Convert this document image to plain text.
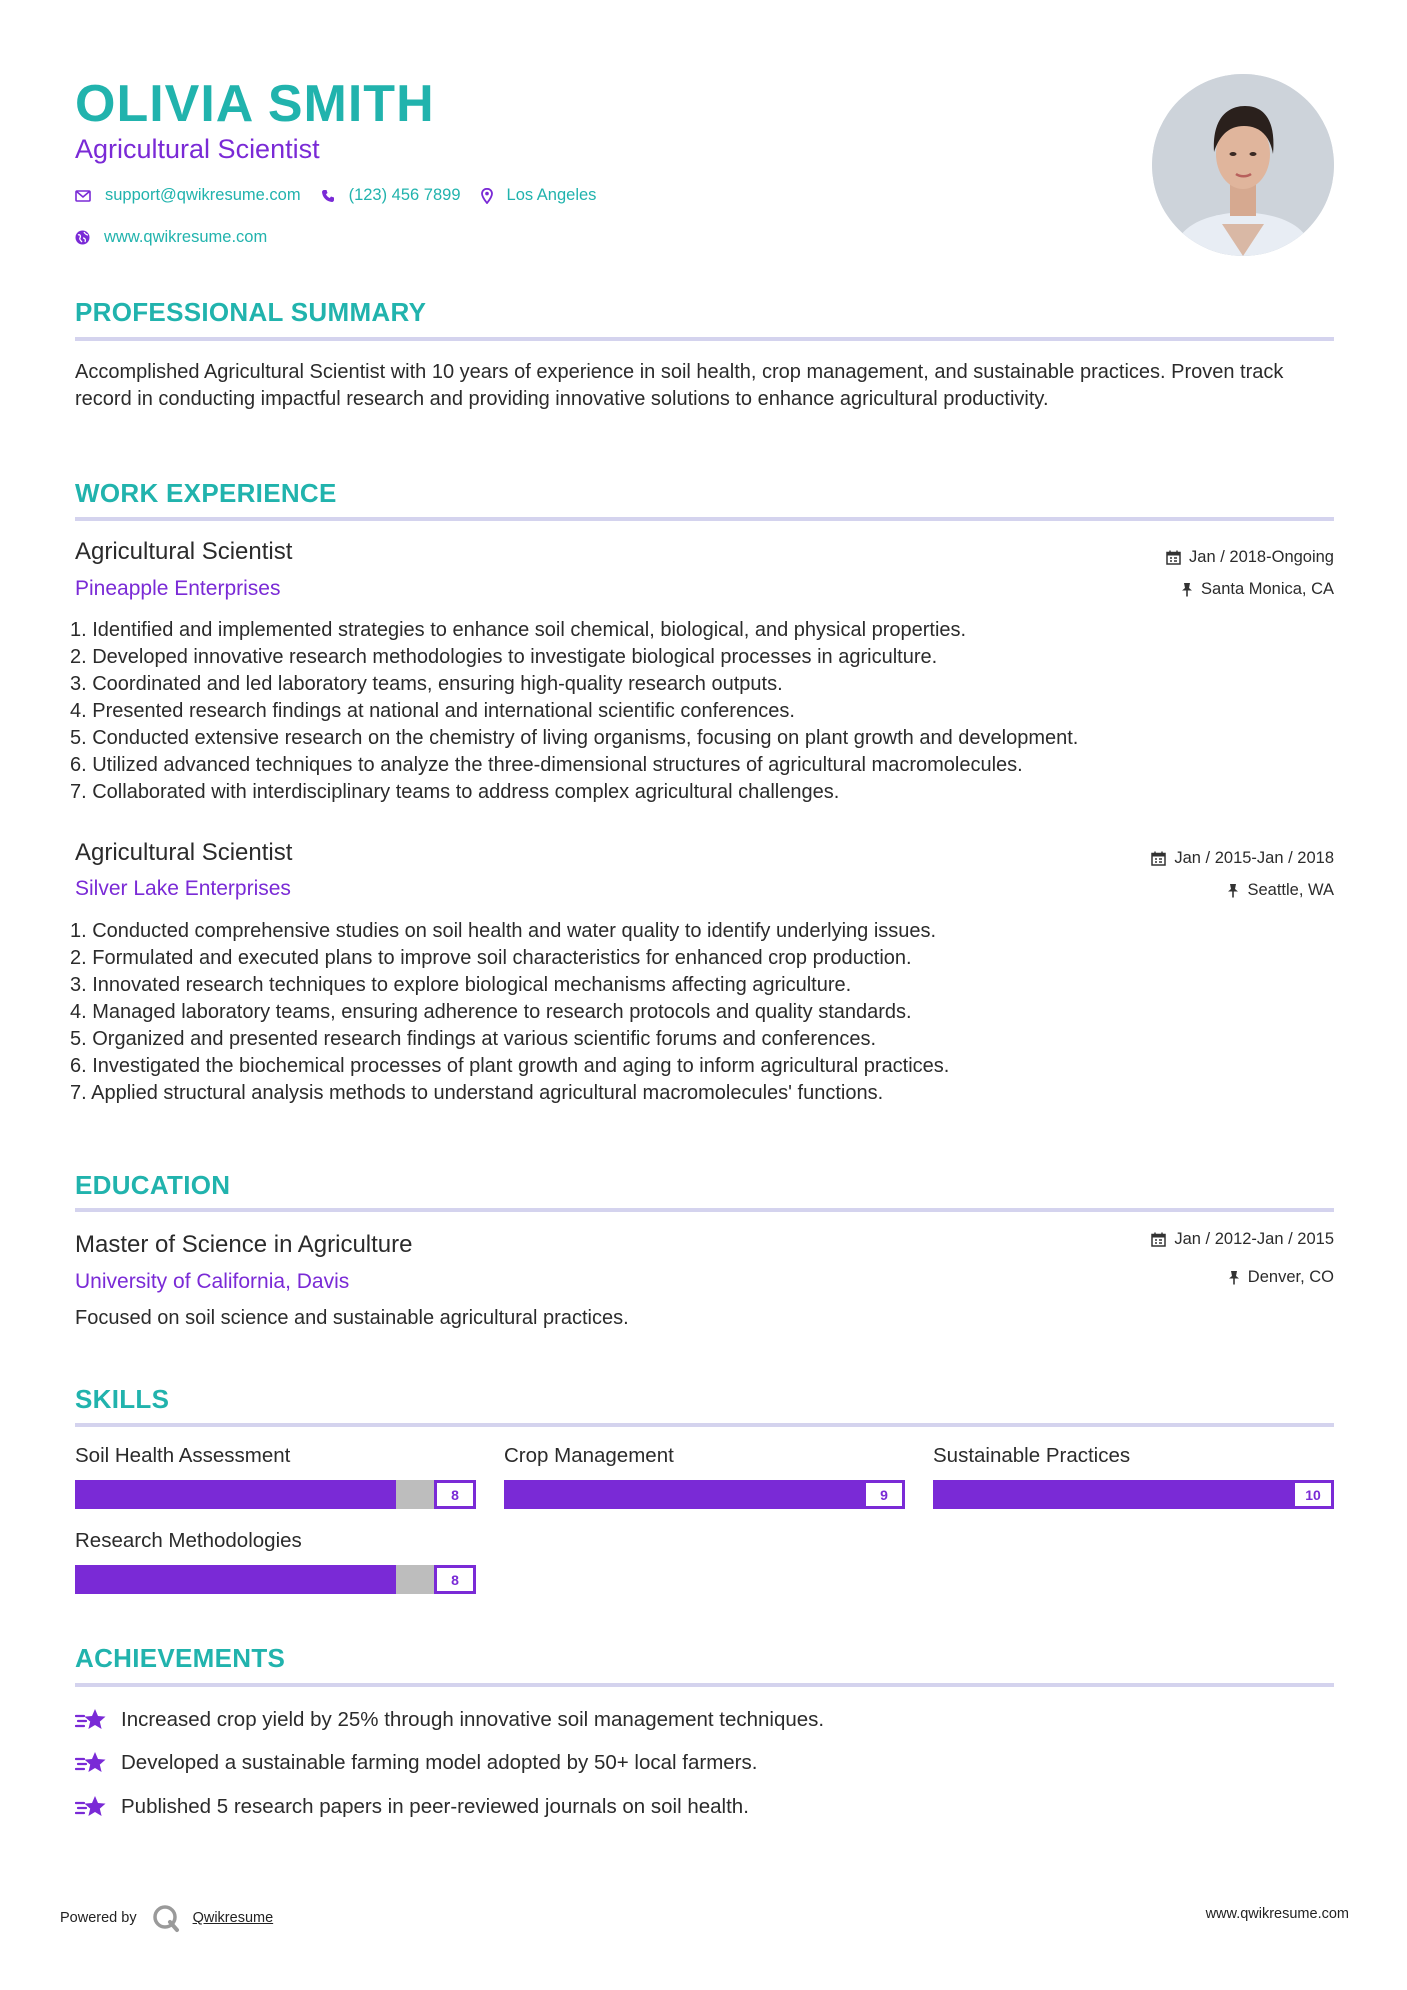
OLIVIA SMITH
Agricultural Scientist
support@qwikresume.com	(123) 456 7899	Los Angeles
www.qwikresume.com
PROFESSIONAL SUMMARY
Accomplished Agricultural Scientist with 10 years of experience in soil health, crop management, and sustainable practices. Proven track record in conducting impactful research and providing innovative solutions to enhance agricultural productivity.
WORK EXPERIENCE
Agricultural Scientist
Pineapple Enterprises
Jan / 2018-Ongoing
Santa Monica, CA
1. Identified and implemented strategies to enhance soil chemical, biological, and physical properties.
2. Developed innovative research methodologies to investigate biological processes in agriculture.
3. Coordinated and led laboratory teams, ensuring high-quality research outputs.
4. Presented research findings at national and international scientific conferences.
5. Conducted extensive research on the chemistry of living organisms, focusing on plant growth and development.
6. Utilized advanced techniques to analyze the three-dimensional structures of agricultural macromolecules.
7. Collaborated with interdisciplinary teams to address complex agricultural challenges.
Agricultural Scientist
Silver Lake Enterprises
Jan / 2015-Jan / 2018
Seattle, WA
1. Conducted comprehensive studies on soil health and water quality to identify underlying issues.
2. Formulated and executed plans to improve soil characteristics for enhanced crop production.
3. Innovated research techniques to explore biological mechanisms affecting agriculture.
4. Managed laboratory teams, ensuring adherence to research protocols and quality standards.
5. Organized and presented research findings at various scientific forums and conferences.
6. Investigated the biochemical processes of plant growth and aging to inform agricultural practices.
7. Applied structural analysis methods to understand agricultural macromolecules' functions.
EDUCATION
Master of Science in Agriculture
University of California, Davis
Jan / 2012-Jan / 2015
Denver, CO
Focused on soil science and sustainable agricultural practices.
SKILLS
Soil Health Assessment
8
Crop Management
9
Sustainable Practices
10
Research Methodologies
8
ACHIEVEMENTS
Increased crop yield by 25% through innovative soil management techniques.
Developed a sustainable farming model adopted by 50+ local farmers.
Published 5 research papers in peer-reviewed journals on soil health.
Powered by	Qwikresume	www.qwikresume.com
